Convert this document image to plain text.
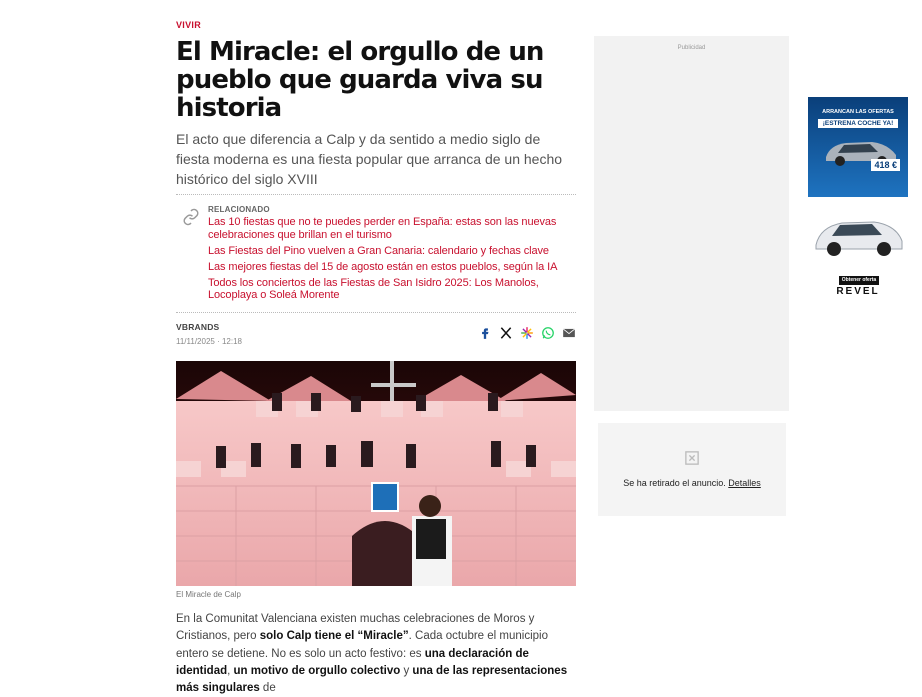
VIVIR
El Miracle: el orgullo de un pueblo que guarda viva su historia

El acto que diferencia a Calp y da sentido a medio siglo de fiesta moderna es una fiesta popular que arranca de un hecho histórico del siglo XVIII

RELACIONADO
Las 10 fiestas que no te puedes perder en España: estas son las nuevas celebraciones que brillan en el turismo
Las Fiestas del Pino vuelven a Gran Canaria: calendario y fechas clave
Las mejores fiestas del 15 de agosto están en estos pueblos, según la IA
Todos los conciertos de las Fiestas de San Isidro 2025: Los Manolos, Locoplaya o Soleá Morente
VBRANDS
11/11/2025 · 12:18
El Miracle de Calp

En la Comunitat Valenciana existen muchas celebraciones de Moros y Cristianos, pero solo Calp tiene el “Miracle”. Cada octubre el municipio entero se detiene. No es solo un acto festivo: es una declaración de identidad, un motivo de orgullo colectivo y una de las representaciones más singulares de

Publicidad
Se ha retirado el anuncio. Detalles
ARRANCAN LAS OFERTAS
¡ESTRENA COCHE YA!
418 €
Obtener oferta
REVEL
